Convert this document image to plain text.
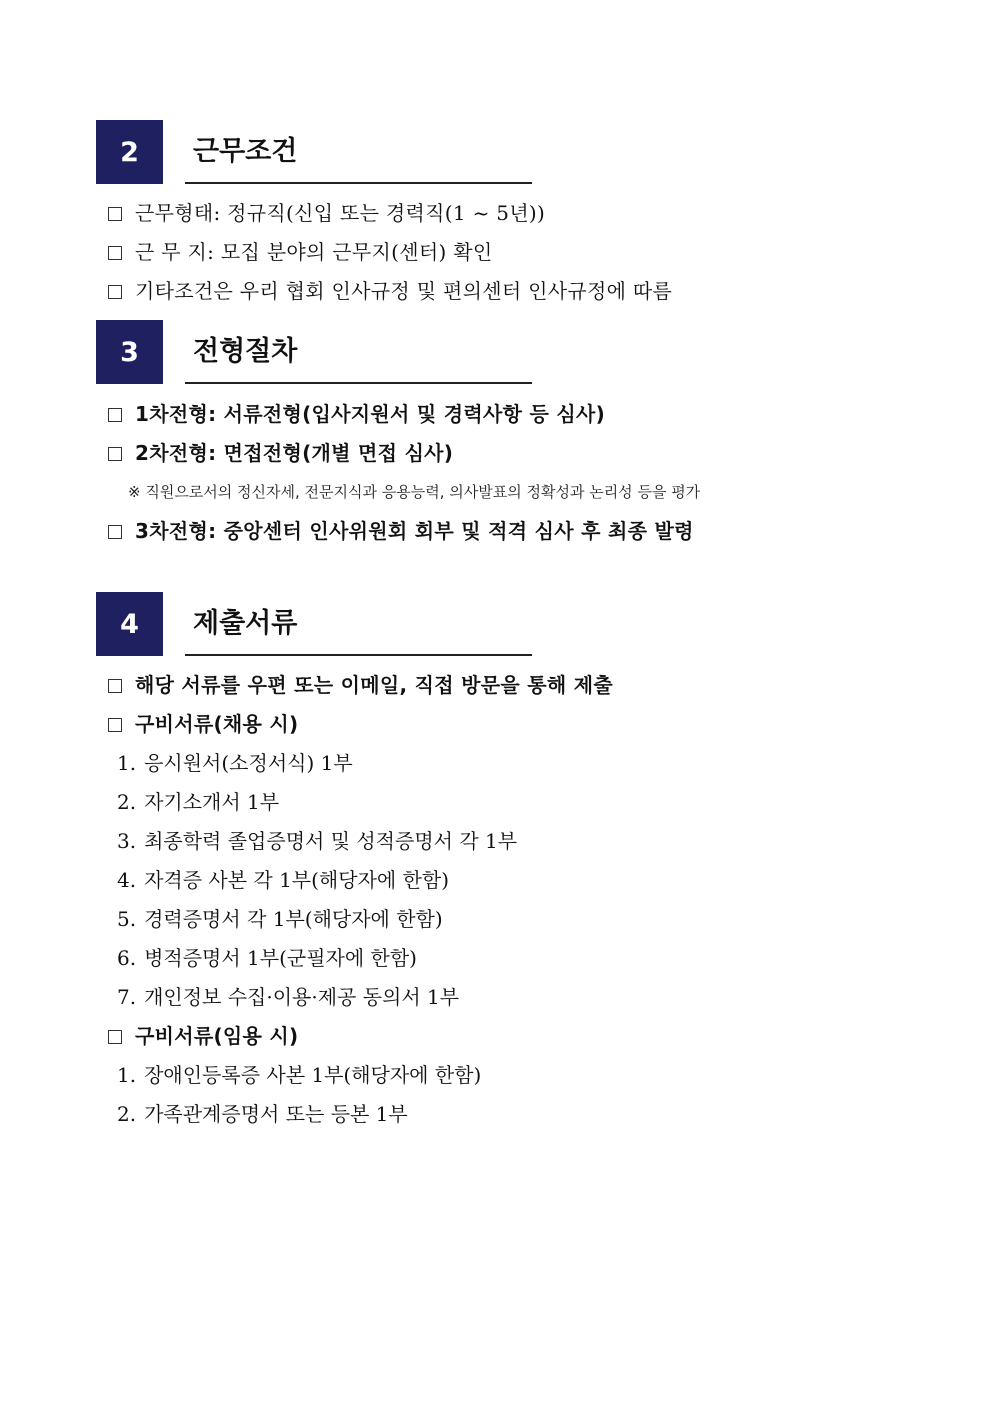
2 근무조건
근무형태: 정규직(신입 또는 경력직(1 ~ 5년))
근 무 지: 모집 분야의 근무지(센터) 확인
기타조건은 우리 협회 인사규정 및 편의센터 인사규정에 따름
3 전형절차
1차전형: 서류전형(입사지원서 및 경력사항 등 심사)
2차전형: 면접전형(개별 면접 심사)
※ 직원으로서의 정신자세, 전문지식과 응용능력, 의사발표의 정확성과 논리성 등을 평가
3차전형: 중앙센터 인사위원회 회부 및 적격 심사 후 최종 발령
4 제출서류
해당 서류를 우편 또는 이메일, 직접 방문을 통해 제출
구비서류(채용 시)
1. 응시원서(소정서식) 1부
2. 자기소개서 1부
3. 최종학력 졸업증명서 및 성적증명서 각 1부
4. 자격증 사본 각 1부(해당자에 한함)
5. 경력증명서 각 1부(해당자에 한함)
6. 병적증명서 1부(군필자에 한함)
7. 개인정보 수집·이용·제공 동의서 1부
구비서류(임용 시)
1. 장애인등록증 사본 1부(해당자에 한함)
2. 가족관계증명서 또는 등본 1부
